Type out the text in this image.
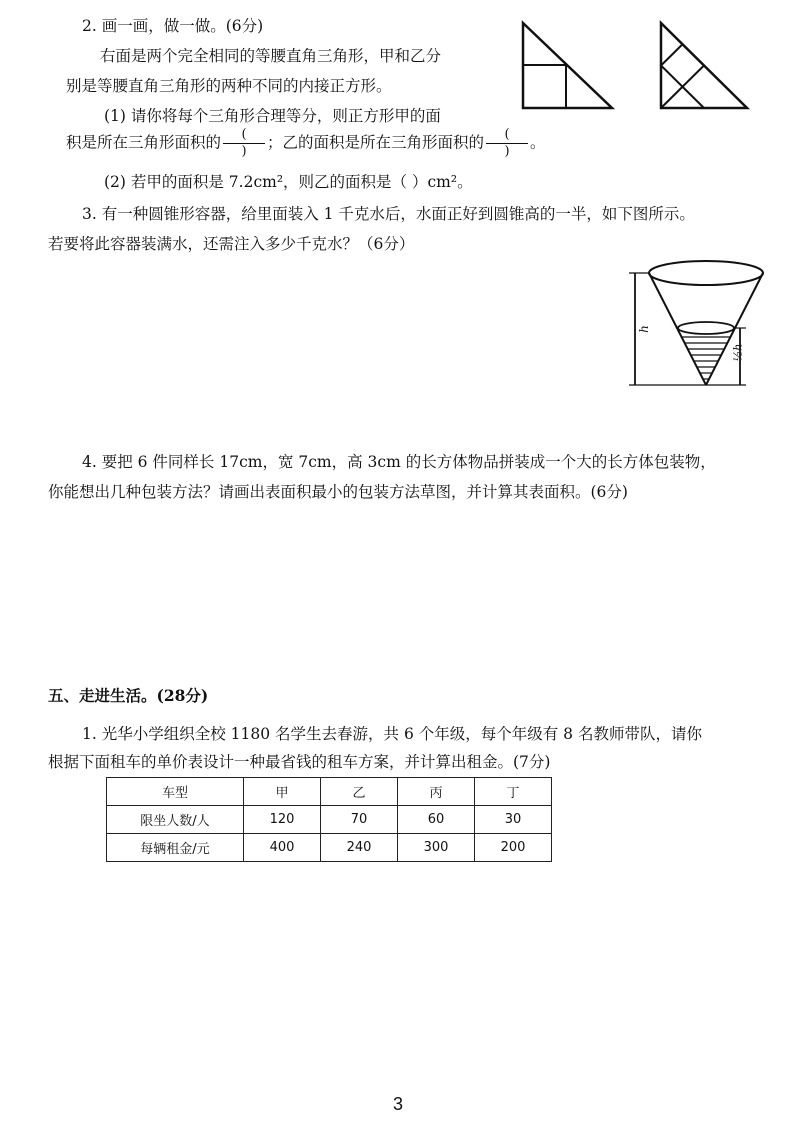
2. 画一画，做一做。(6分)
右面是两个完全相同的等腰直角三角形，甲和乙分
别是等腰直角三角形的两种不同的内接正方形。
(1) 请你将每个三角形合理等分，则正方形甲的面
积是所在三角形面积的 $\frac{(}{)}$ ；乙的面积是所在三角形面积的 $\frac{(}{)}$ 。
(2) 若甲的面积是 7.2cm²，则乙的面积是（ ）cm²。
3. 有一种圆锥形容器，给里面装入 1 千克水后，水面正好到圆锥高的一半，如下图所示。
若要将此容器装满水，还需注入多少千克水？（6分）
h
½h
4. 要把 6 件同样长 17cm，宽 7cm，高 3cm 的长方体物品拼装成一个大的长方体包装物，
你能想出几种包装方法？请画出表面积最小的包装方法草图，并计算其表面积。(6分)
五、走进生活。(28分)
1. 光华小学组织全校 1180 名学生去春游，共 6 个年级，每个年级有 8 名教师带队，请你
根据下面租车的单价表设计一种最省钱的租车方案，并计算出租金。(7分)
车型	甲	乙	丙	丁
限坐人数/人	120	70	60	30
每辆租金/元	400	240	300	200
3
